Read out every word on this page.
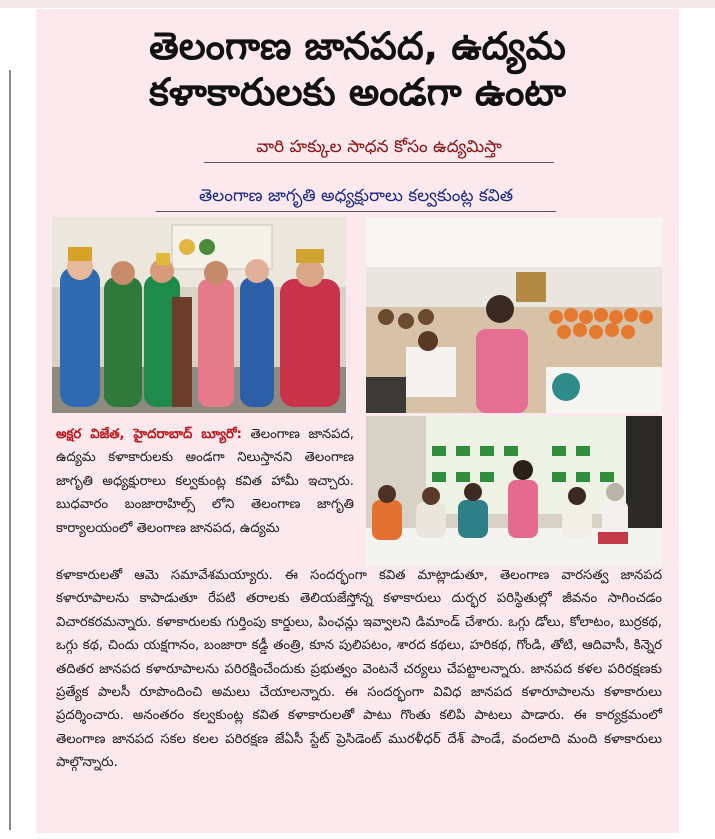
తెలంగాణ జానపద, ఉద్యమ
కళాకారులకు అండగా ఉంటా
వారి హక్కుల సాధన కోసం ఉద్యమిస్తా
తెలంగాణ జాగృతి అధ్యక్షురాలు కల్వకుంట్ల కవిత
అక్షర విజేత, హైదరాబాద్ బ్యూరో: తెలంగాణ జానపద, ఉద్యమ కళాకారులకు అండగా నిలుస్తానని తెలంగాణ జాగృతి అధ్యక్షురాలు కల్వకుంట్ల కవిత హామీ ఇచ్చారు. బుధవారం బంజారాహిల్స్ లోని తెలంగాణ జాగృతి కార్యాలయంలో తెలంగాణ జానపద, ఉద్యమ
కళాకారులతో ఆమె సమావేశమయ్యారు. ఈ సందర్భంగా కవిత మాట్లాడుతూ, తెలంగాణ వారసత్వ జానపద కళారూపాలను కాపాడుతూ రేపటి తరాలకు తెలియజేస్తోన్న కళాకారులు దుర్భర పరిస్థితుల్లో జీవనం సాగించడం విచారకరమన్నారు. కళాకారులకు గుర్తింపు కార్డులు, పింఛన్లు ఇవ్వాలని డిమాండ్ చేశారు. ఒగ్గు డోలు, కోలాటం, బుర్రకథ, ఒగ్గు కథ, చిందు యక్షగానం, బంజారా కడ్డీ తంత్రి, కూన పులిపటం, శారద కథలు, హరికథ, గోండి, తోటి, ఆదివాసీ, కిన్నెర తదితర జానపద కళారూపాలను పరిరక్షించేందుకు ప్రభుత్వం వెంటనే చర్యలు చేపట్టాలన్నారు. జానపద కళల పరిరక్షణకు ప్రత్యేక పాలసీ రూపొందించి అమలు చేయాలన్నారు. ఈ సందర్భంగా వివిధ జానపద కళారూపాలను కళాకారులు ప్రదర్శించారు. అనంతరం కల్వకుంట్ల కవిత కళాకారులతో పాటు గొంతు కలిపి పాటలు పాడారు. ఈ కార్యక్రమంలో తెలంగాణ జానపద సకల కలల పరిరక్షణ జేఏసీ స్టేట్ ప్రెసిడెంట్ మురళీధర్ దేశ్ పాండే, వందలాది మంది కళాకారులు పాల్గొన్నారు.
